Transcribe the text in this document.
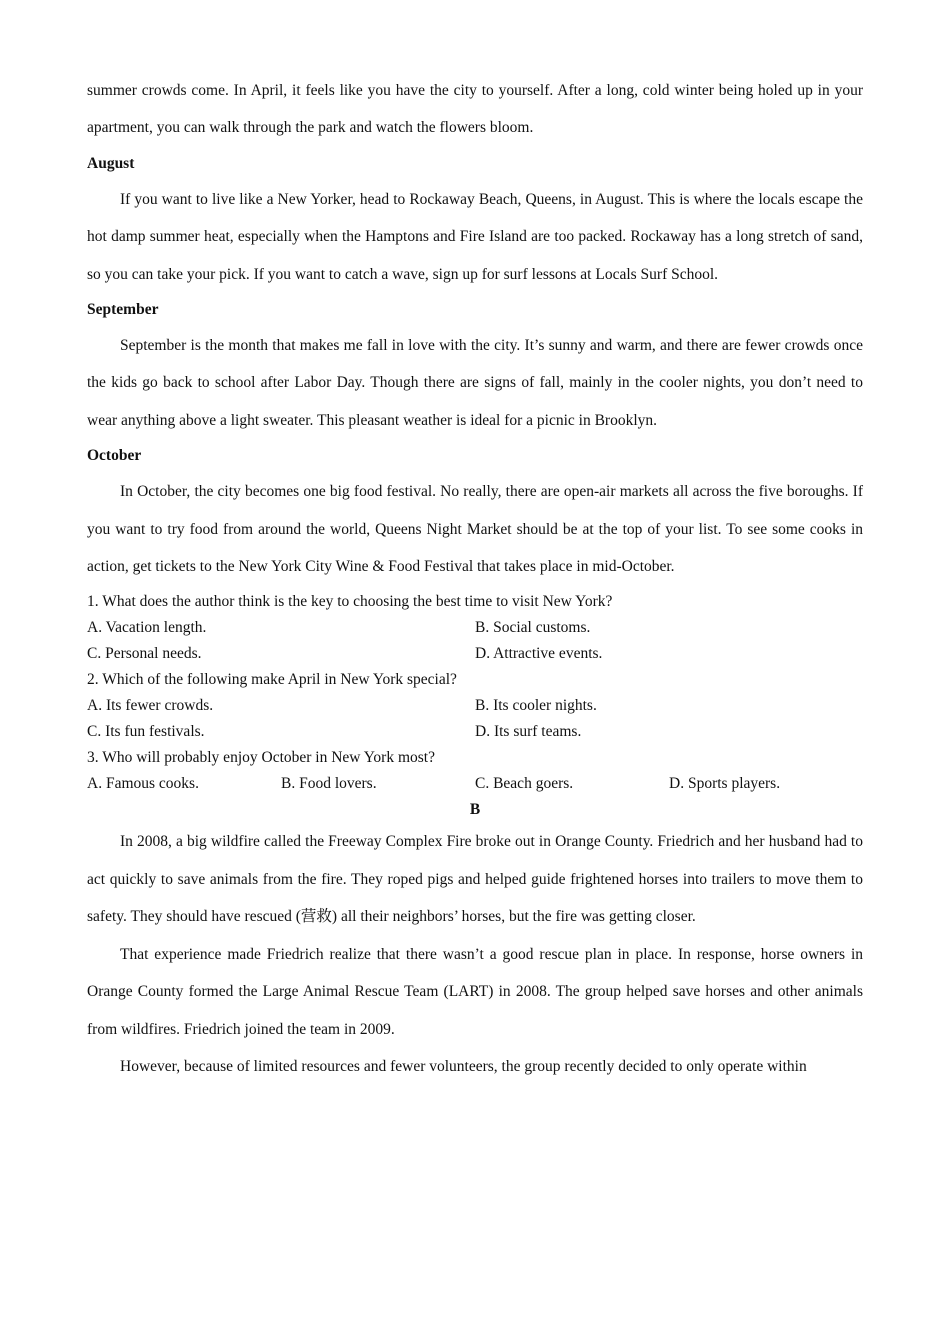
summer crowds come. In April, it feels like you have the city to yourself. After a long, cold winter being holed up in your apartment, you can walk through the park and watch the flowers bloom.

August

If you want to live like a New Yorker, head to Rockaway Beach, Queens, in August. This is where the locals escape the hot damp summer heat, especially when the Hamptons and Fire Island are too packed. Rockaway has a long stretch of sand, so you can take your pick. If you want to catch a wave, sign up for surf lessons at Locals Surf School.

September

September is the month that makes me fall in love with the city. It’s sunny and warm, and there are fewer crowds once the kids go back to school after Labor Day. Though there are signs of fall, mainly in the cooler nights, you don’t need to wear anything above a light sweater. This pleasant weather is ideal for a picnic in Brooklyn.

October

In October, the city becomes one big food festival. No really, there are open-air markets all across the five boroughs. If you want to try food from around the world, Queens Night Market should be at the top of your list. To see some cooks in action, get tickets to the New York City Wine & Food Festival that takes place in mid-October.

1. What does the author think is the key to choosing the best time to visit New York?
A. Vacation length.	B. Social customs.
C. Personal needs.	D. Attractive events.
2. Which of the following make April in New York special?
A. Its fewer crowds.	B. Its cooler nights.
C. Its fun festivals.	D. Its surf teams.
3. Who will probably enjoy October in New York most?
A. Famous cooks.	B. Food lovers.	C. Beach goers.	D. Sports players.
B

In 2008, a big wildfire called the Freeway Complex Fire broke out in Orange County. Friedrich and her husband had to act quickly to save animals from the fire. They roped pigs and helped guide frightened horses into trailers to move them to safety. They should have rescued (营救) all their neighbors’ horses, but the fire was getting closer.

That experience made Friedrich realize that there wasn’t a good rescue plan in place. In response, horse owners in Orange County formed the Large Animal Rescue Team (LART) in 2008. The group helped save horses and other animals from wildfires. Friedrich joined the team in 2009.

However, because of limited resources and fewer volunteers, the group recently decided to only operate within
